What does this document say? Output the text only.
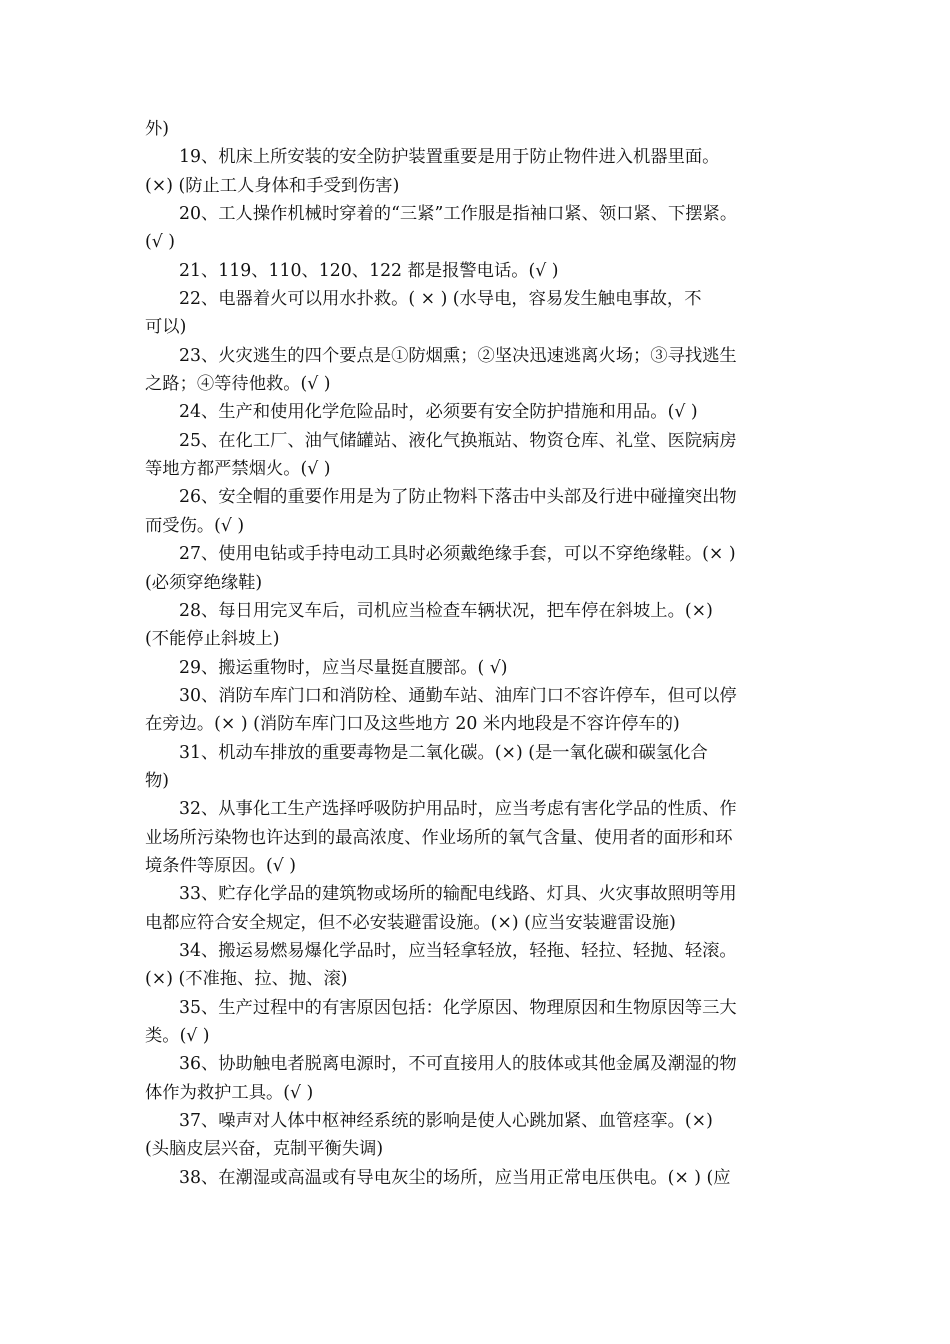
外)
19、机床上所安装的安全防护装置重要是用于防止物件进入机器里面。
(×) (防止工人身体和手受到伤害)
20、工人操作机械时穿着的“三紧”工作服是指袖口紧、领口紧、下摆紧。
(√ )
21、119、110、120、122 都是报警电话。(√ )
22、电器着火可以用水扑救。( × ) (水导电，容易发生触电事故，不
可以)
23、火灾逃生的四个要点是①防烟熏；②坚决迅速逃离火场；③寻找逃生
之路；④等待他救。(√ )
24、生产和使用化学危险品时，必须要有安全防护措施和用品。(√ )
25、在化工厂、油气储罐站、液化气换瓶站、物资仓库、礼堂、医院病房
等地方都严禁烟火。(√ )
26、安全帽的重要作用是为了防止物料下落击中头部及行进中碰撞突出物
而受伤。(√ )
27、使用电钻或手持电动工具时必须戴绝缘手套，可以不穿绝缘鞋。(× )
(必须穿绝缘鞋)
28、每日用完叉车后，司机应当检查车辆状况，把车停在斜坡上。(×)
(不能停止斜坡上)
29、搬运重物时，应当尽量挺直腰部。( √)
30、消防车库门口和消防栓、通勤车站、油库门口不容许停车，但可以停
在旁边。(× ) (消防车库门口及这些地方 20 米内地段是不容许停车的)
31、机动车排放的重要毒物是二氧化碳。(×) (是一氧化碳和碳氢化合
物)
32、从事化工生产选择呼吸防护用品时，应当考虑有害化学品的性质、作
业场所污染物也许达到的最高浓度、作业场所的氧气含量、使用者的面形和环
境条件等原因。(√ )
33、贮存化学品的建筑物或场所的输配电线路、灯具、火灾事故照明等用
电都应符合安全规定，但不必安装避雷设施。(×) (应当安装避雷设施)
34、搬运易燃易爆化学品时，应当轻拿轻放，轻拖、轻拉、轻抛、轻滚。
(×) (不准拖、拉、抛、滚)
35、生产过程中的有害原因包括：化学原因、物理原因和生物原因等三大
类。(√ )
36、协助触电者脱离电源时，不可直接用人的肢体或其他金属及潮湿的物
体作为救护工具。(√ )
37、噪声对人体中枢神经系统的影响是使人心跳加紧、血管痉挛。(×)
(头脑皮层兴奋，克制平衡失调)
38、在潮湿或高温或有导电灰尘的场所，应当用正常电压供电。(× ) (应
